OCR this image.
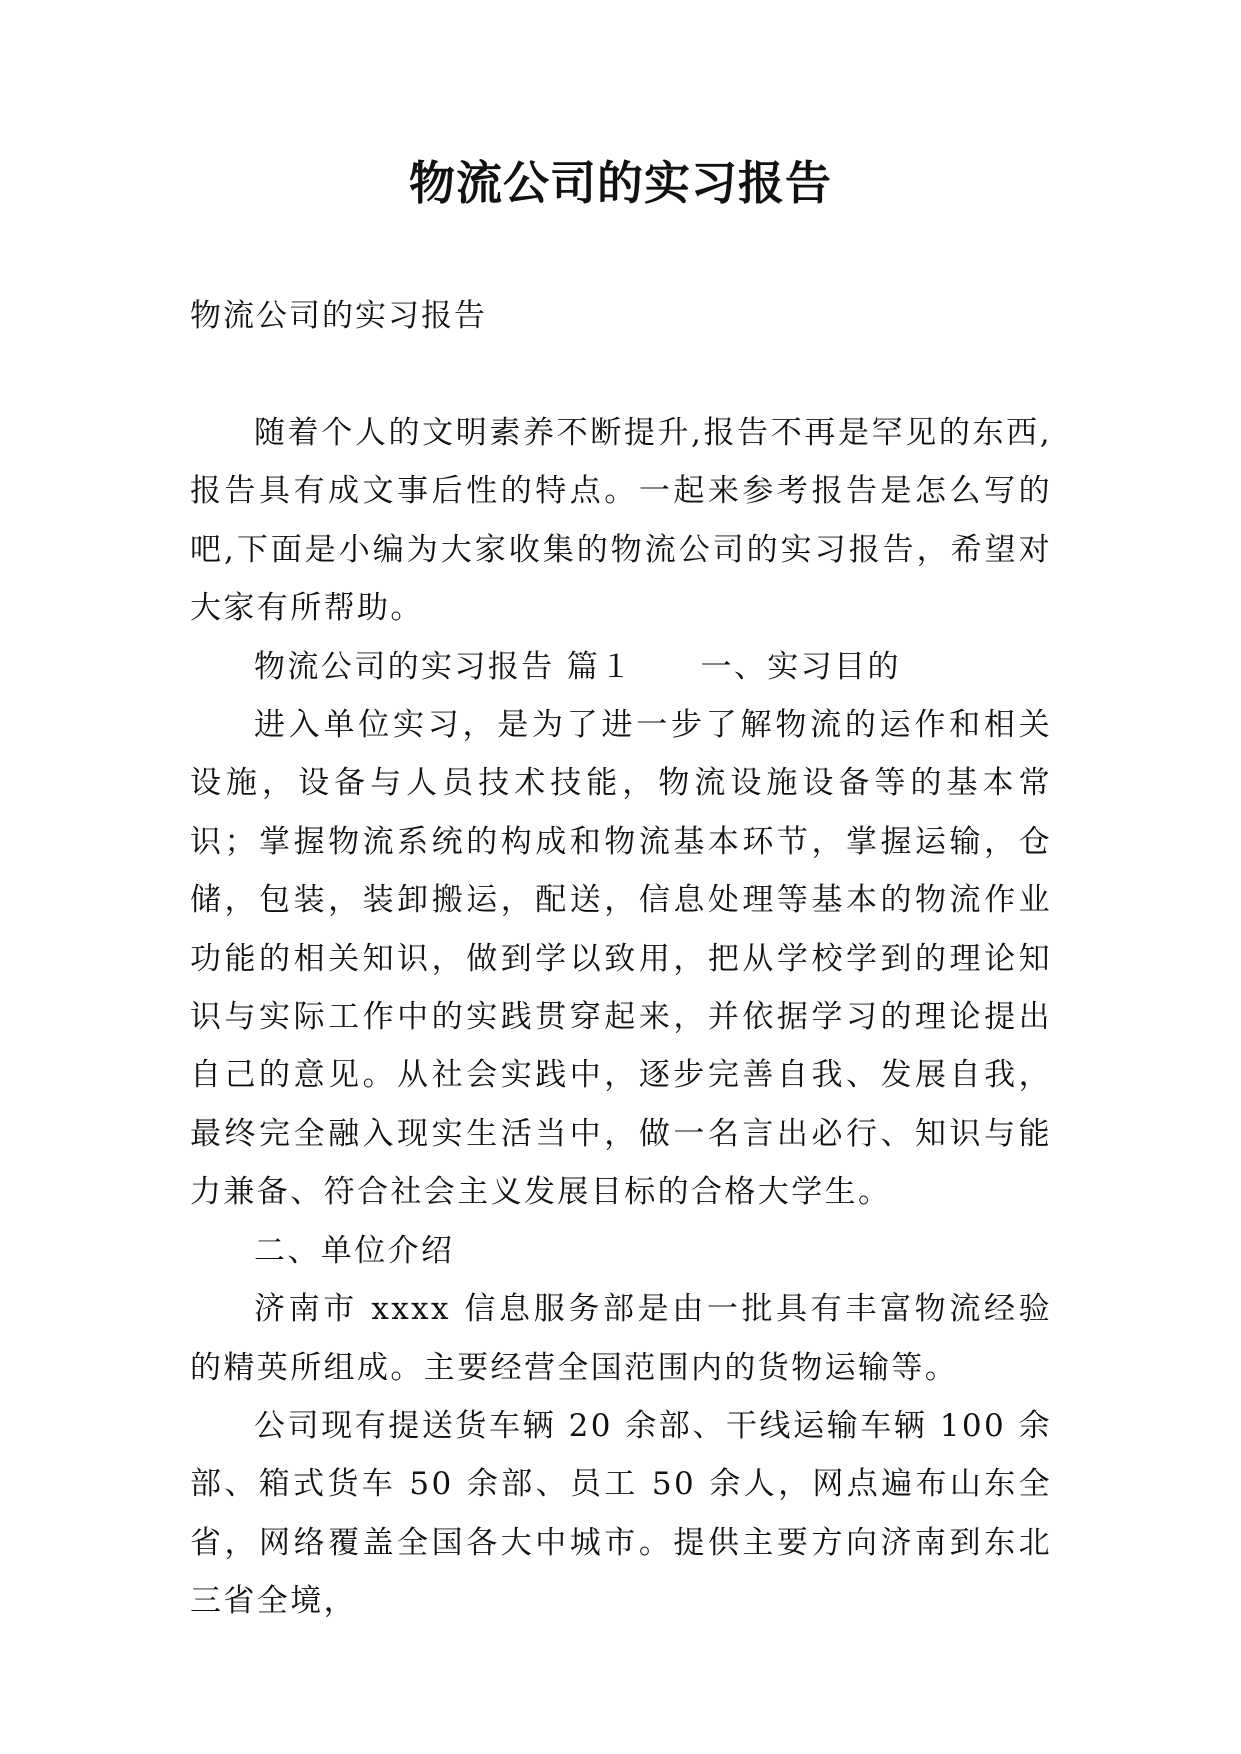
物流公司的实习报告
物流公司的实习报告

随着个人的文明素养不断提升,报告不再是罕见的东西,报告具有成文事后性的特点。一起来参考报告是怎么写的吧,下面是小编为大家收集的物流公司的实习报告，希望对大家有所帮助。

物流公司的实习报告 篇１　　一、实习目的

进入单位实习，是为了进一步了解物流的运作和相关设施，设备与人员技术技能，物流设施设备等的基本常识；掌握物流系统的构成和物流基本环节，掌握运输，仓储，包装，装卸搬运，配送，信息处理等基本的物流作业功能的相关知识，做到学以致用，把从学校学到的理论知识与实际工作中的实践贯穿起来，并依据学习的理论提出自己的意见。从社会实践中，逐步完善自我、发展自我，最终完全融入现实生活当中，做一名言出必行、知识与能力兼备、符合社会主义发展目标的合格大学生。

二、单位介绍

济南市 xxxx 信息服务部是由一批具有丰富物流经验的精英所组成。主要经营全国范围内的货物运输等。

公司现有提送货车辆 20 余部、干线运输车辆 100 余部、箱式货车 50 余部、员工 50 余人，网点遍布山东全省，网络覆盖全国各大中城市。提供主要方向济南到东北三省全境，
